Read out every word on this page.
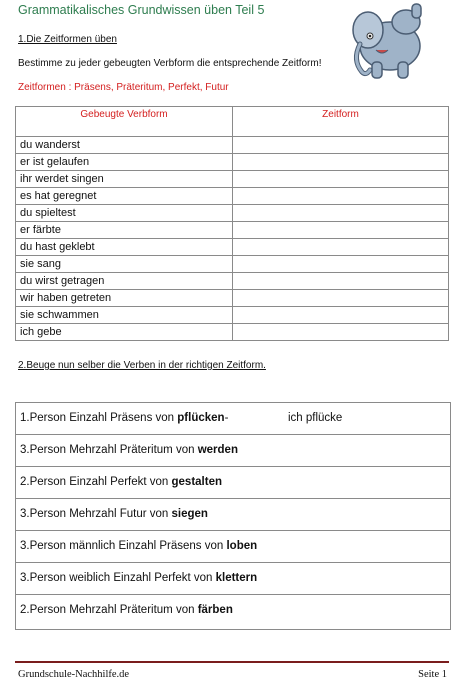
Grammatikalisches Grundwissen üben Teil 5
1.Die Zeitformen üben
Bestimme zu jeder gebeugten Verbform die entsprechende Zeitform!
Zeitformen : Präsens, Präteritum, Perfekt, Futur
Gebeugte Verbform	Zeitform
du wanderst	
er ist gelaufen	
ihr werdet singen	
es hat geregnet	
du spieltest	
er färbte	
du hast geklebt	
sie sang	
du wirst getragen	
wir haben getreten	
sie schwammen	
ich gebe	
2.Beuge nun selber die Verben in der richtigen Zeitform.
1.Person Einzahl Präsens von pflücken-	ich pflücke
3.Person Mehrzahl Präteritum von werden
2.Person Einzahl Perfekt von gestalten
3.Person Mehrzahl Futur von siegen
3.Person männlich Einzahl Präsens von loben
3.Person weiblich Einzahl Perfekt von klettern
2.Person Mehrzahl Präteritum von färben
Grundschule-Nachhilfe.de	Seite 1
